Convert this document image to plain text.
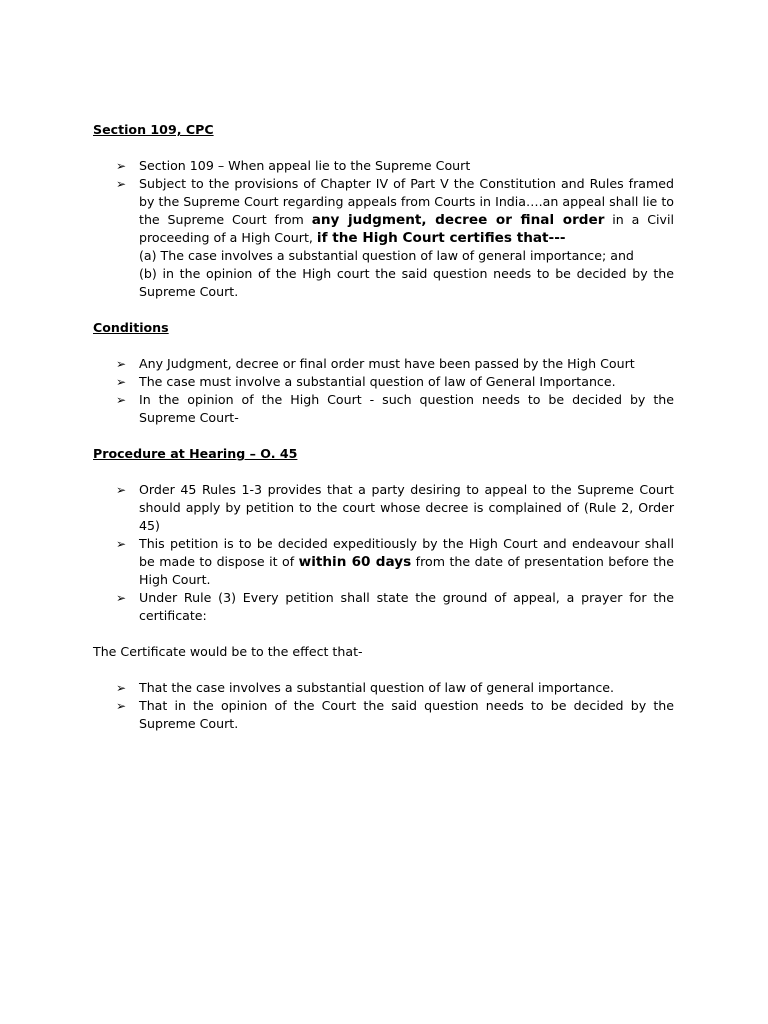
Section 109, CPC

➢ Section 109 – When appeal lie to the Supreme Court
➢ Subject to the provisions of Chapter IV of Part V the Constitution and Rules framed by the Supreme Court regarding appeals from Courts in India….an appeal shall lie to the Supreme Court from any judgment, decree or final order in a Civil proceeding of a High Court, if the High Court certifies that---
(a) The case involves a substantial question of law of general importance; and
(b) in the opinion of the High court the said question needs to be decided by the Supreme Court.

Conditions

➢ Any Judgment, decree or final order must have been passed by the High Court
➢ The case must involve a substantial question of law of General Importance.
➢ In the opinion of the High Court - such question needs to be decided by the Supreme Court-

Procedure at Hearing – O. 45

➢ Order 45 Rules 1-3 provides that a party desiring to appeal to the Supreme Court should apply by petition to the court whose decree is complained of (Rule 2, Order 45)
➢ This petition is to be decided expeditiously by the High Court and endeavour shall be made to dispose it of within 60 days from the date of presentation before the High Court.
➢ Under Rule (3) Every petition shall state the ground of appeal, a prayer for the certificate:

The Certificate would be to the effect that-

➢ That the case involves a substantial question of law of general importance.
➢ That in the opinion of the Court the said question needs to be decided by the Supreme Court.
